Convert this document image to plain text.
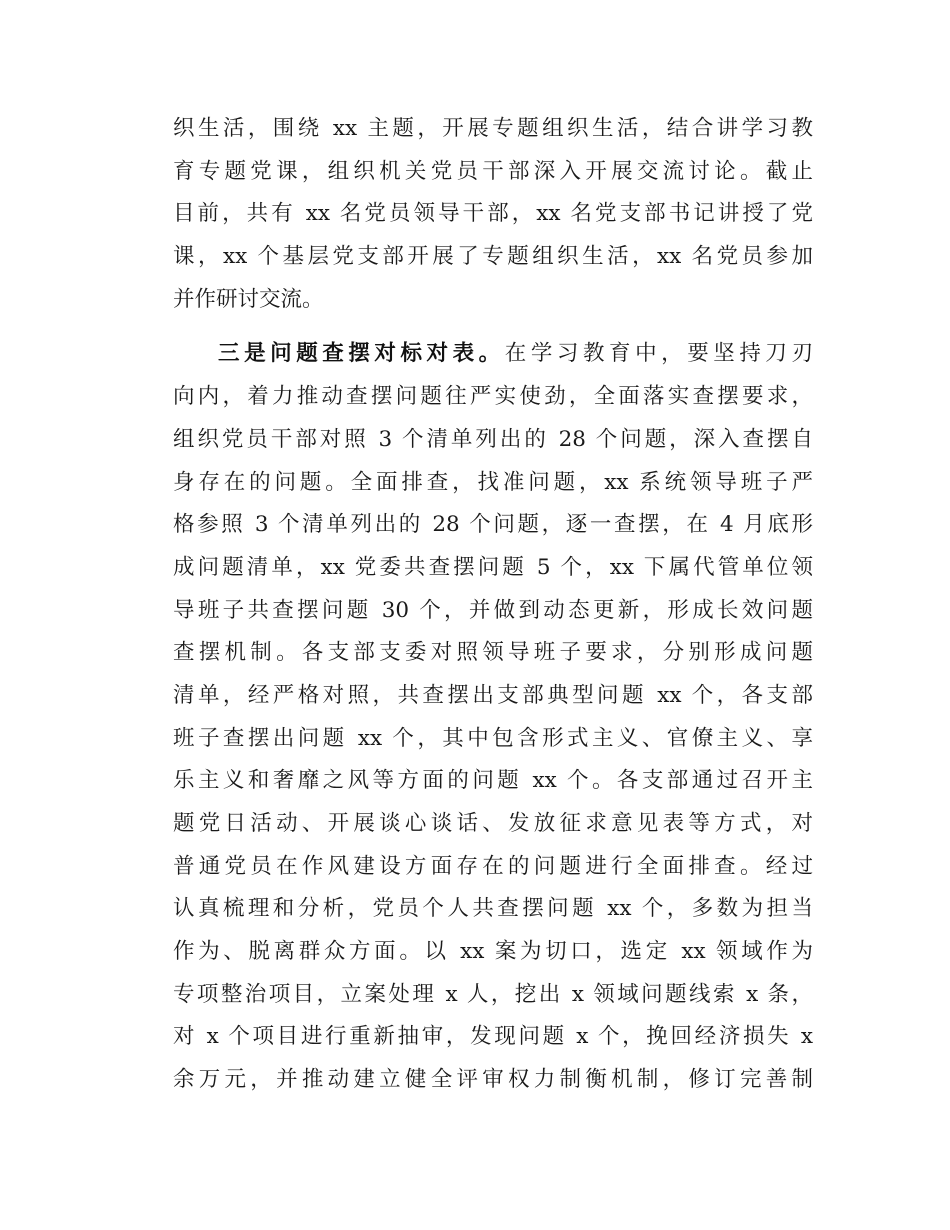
织生活，围绕 xx 主题，开展专题组织生活，结合讲学习教
育专题党课，组织机关党员干部深入开展交流讨论。截止
目前，共有 xx 名党员领导干部，xx 名党支部书记讲授了党
课，xx 个基层党支部开展了专题组织生活，xx 名党员参加
并作研讨交流。
三是问题查摆对标对表。在学习教育中，要坚持刀刃
向内，着力推动查摆问题往严实使劲，全面落实查摆要求，
组织党员干部对照 3 个清单列出的 28 个问题，深入查摆自
身存在的问题。全面排查，找准问题，xx 系统领导班子严
格参照 3 个清单列出的 28 个问题，逐一查摆，在 4 月底形
成问题清单，xx 党委共查摆问题 5 个，xx 下属代管单位领
导班子共查摆问题 30 个，并做到动态更新，形成长效问题
查摆机制。各支部支委对照领导班子要求，分别形成问题
清单，经严格对照，共查摆出支部典型问题 xx 个，各支部
班子查摆出问题 xx 个，其中包含形式主义、官僚主义、享
乐主义和奢靡之风等方面的问题 xx 个。各支部通过召开主
题党日活动、开展谈心谈话、发放征求意见表等方式，对
普通党员在作风建设方面存在的问题进行全面排查。经过
认真梳理和分析，党员个人共查摆问题 xx 个，多数为担当
作为、脱离群众方面。以 xx 案为切口，选定 xx 领域作为
专项整治项目，立案处理 x 人，挖出 x 领域问题线索 x 条，
对 x 个项目进行重新抽审，发现问题 x 个，挽回经济损失 x
余万元，并推动建立健全评审权力制衡机制，修订完善制
